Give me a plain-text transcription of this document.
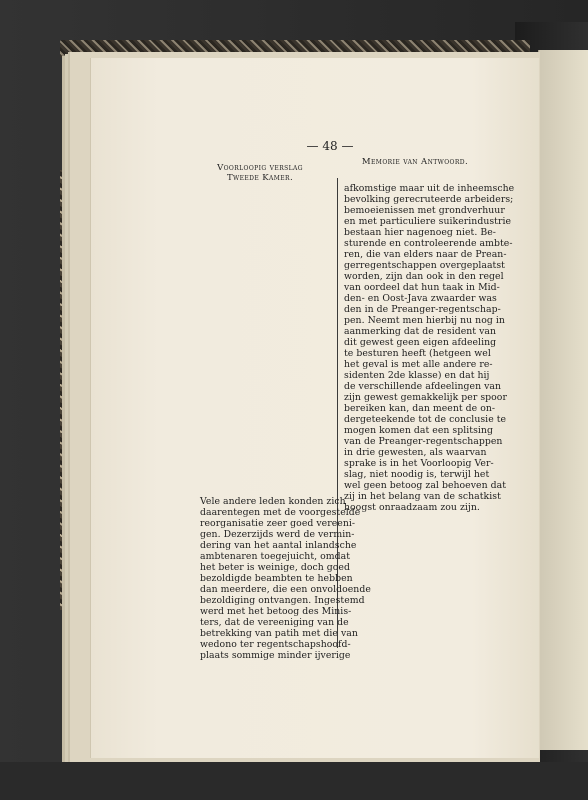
— 48 —
Voorloopig verslag
Tweede Kamer.
Memorie van Antwoord.
afkomstige maar uit de inheemsche
bevolking gerecruteerde arbeiders;
bemoeienissen met grondverhuur
en met particuliere suikerindustrie
bestaan hier nagenoeg niet. Be-
sturende en controleerende ambte-
ren, die van elders naar de Prean-
gerregentschappen overgeplaatst
worden, zijn dan ook in den regel
van oordeel dat hun taak in Mid-
den- en Oost-Java zwaarder was
den in de Preanger-regentschap-
pen. Neemt men hierbij nu nog in
aanmerking dat de resident van
dit gewest geen eigen afdeeling
te besturen heeft (hetgeen wel
het geval is met alle andere re-
sidenten 2de klasse) en dat hij
de verschillende afdeelingen van
zijn gewest gemakkelijk per spoor
bereiken kan, dan meent de on-
dergeteekende tot de conclusie te
mogen komen dat een splitsing
van de Preanger-regentschappen
in drie gewesten, als waarvan
sprake is in het Voorloopig Ver-
slag, niet noodig is, terwijl het
wel geen betoog zal behoeven dat
zij in het belang van de schatkist
hoogst onraadzaam zou zijn.
Vele andere leden konden zich
daarentegen met de voorgestelde
reorganisatie zeer goed vereeni-
gen. Dezerzijds werd de vermin-
dering van het aantal inlandsche
ambtenaren toegejuicht, omdat
het beter is weinige, doch goed
bezoldigde beambten te hebben
dan meerdere, die een onvoldoende
bezoldiging ontvangen. Ingestemd
werd met het betoog des Minis-
ters, dat de vereeniging van de
betrekking van patih met die van
wedono ter regentschapshoofd-
plaats sommige minder ijverige
